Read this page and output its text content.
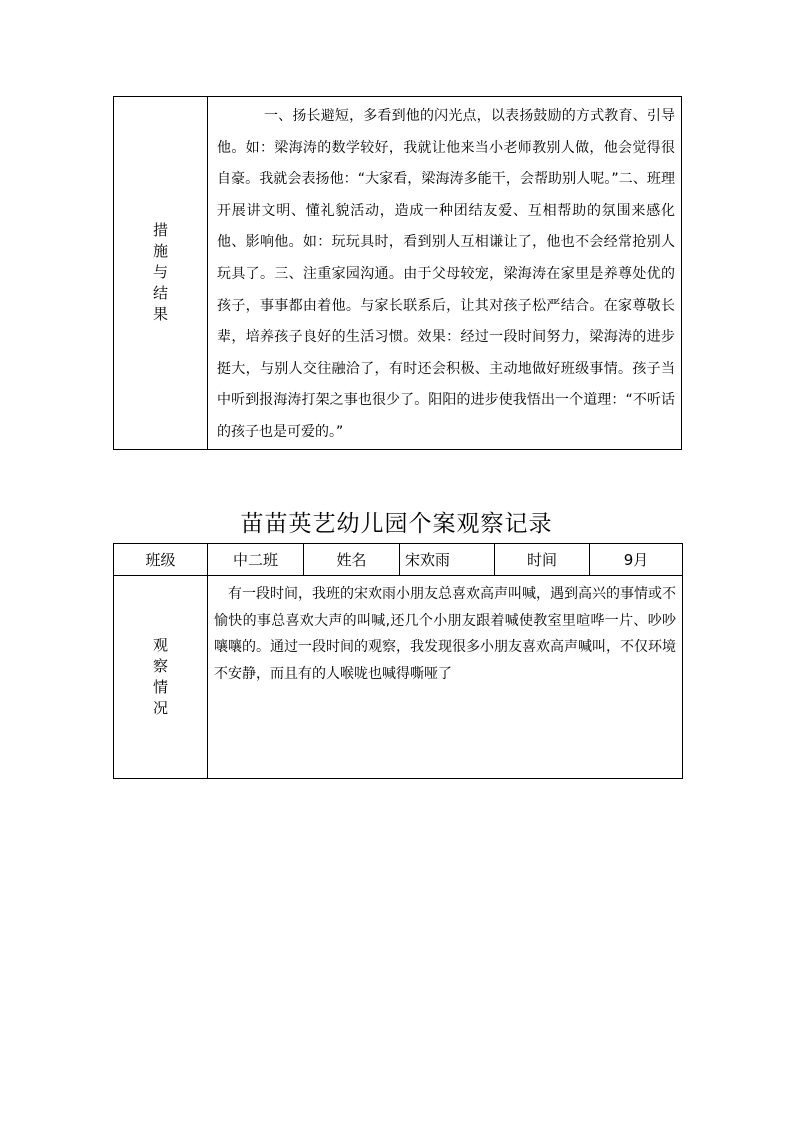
措施与结果	一、扬长避短，多看到他的闪光点，以表扬鼓励的方式教育、引导他。如：梁海涛的数学较好，我就让他来当小老师教别人做，他会觉得很自豪。我就会表扬他：“大家看，梁海涛多能干，会帮助别人呢。”二、班理开展讲文明、懂礼貌活动，造成一种团结友爱、互相帮助的氛围来感化他、影响他。如：玩玩具时，看到别人互相谦让了，他也不会经常抢别人玩具了。三、注重家园沟通。由于父母较宠，梁海涛在家里是养尊处优的孩子，事事都由着他。与家长联系后，让其对孩子松严结合。在家尊敬长辈，培养孩子良好的生活习惯。效果：经过一段时间努力，梁海涛的进步挺大，与别人交往融洽了，有时还会积极、主动地做好班级事情。孩子当中听到报海涛打架之事也很少了。阳阳的进步使我悟出一个道理：“不听话的孩子也是可爱的。”
苗苗英艺幼儿园个案观察记录
班级	中二班	姓名	宋欢雨	时间	9月
观察情况	有一段时间，我班的宋欢雨小朋友总喜欢高声叫喊，遇到高兴的事情或不愉快的事总喜欢大声的叫喊,还几个小朋友跟着喊使教室里喧哗一片、吵吵嚷嚷的。通过一段时间的观察，我发现很多小朋友喜欢高声喊叫，不仅环境不安静，而且有的人喉咙也喊得嘶哑了				
